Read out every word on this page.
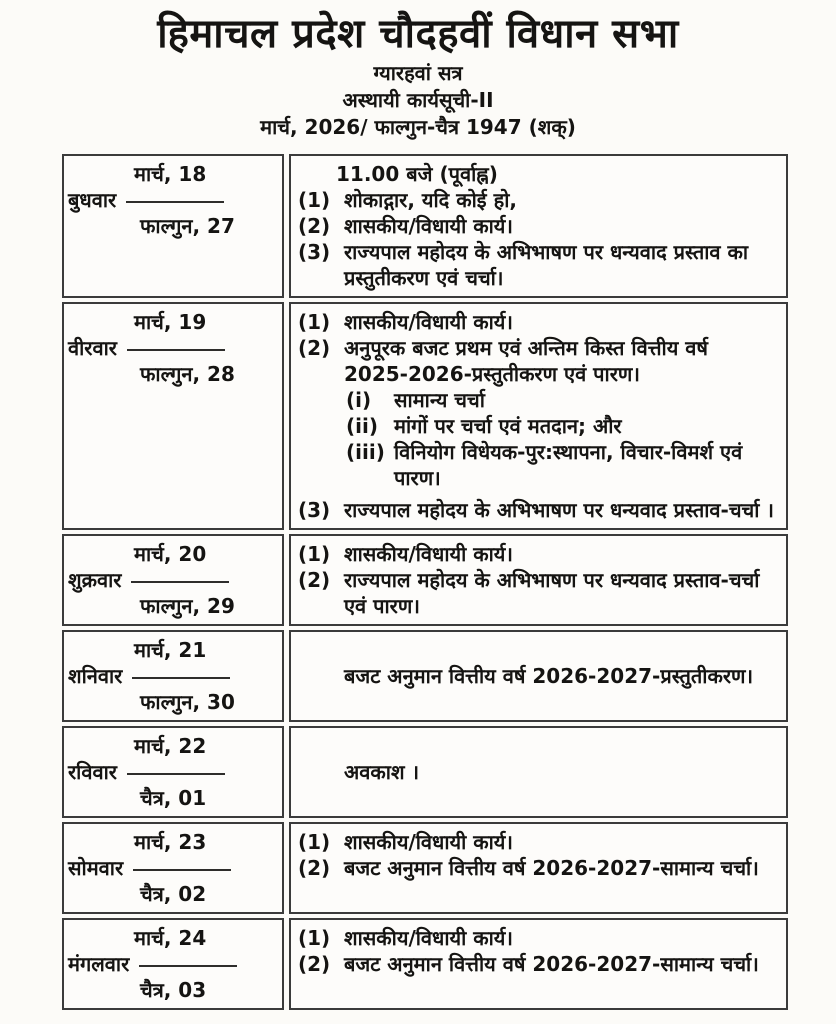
हिमाचल प्रदेश चौदहवीं विधान सभा
ग्यारहवां सत्र
अस्थायी कार्यसूची-II
मार्च, 2026/ फाल्गुन-चैत्र 1947 (शक्)
मार्च, 18
बुधवार
फाल्गुन, 27
11.00 बजे (पूर्वाह्न)
(1) शोकाद्गार, यदि कोई हो,
(2) शासकीय/विधायी कार्य।
(3) राज्यपाल महोदय के अभिभाषण पर धन्यवाद प्रस्ताव का प्रस्तुतीकरण एवं चर्चा।
मार्च, 19
वीरवार
फाल्गुन, 28
(1) शासकीय/विधायी कार्य।
(2) अनुपूरक बजट प्रथम एवं अन्तिम किस्त वित्तीय वर्ष 2025-2026-प्रस्तुतीकरण एवं पारण।
(i)	सामान्य चर्चा
(ii) मांगों पर चर्चा एवं मतदान; और
(iii) विनियोग विधेयक-पुर:स्थापना, विचार-विमर्श एवं पारण।
(3) राज्यपाल महोदय के अभिभाषण पर धन्यवाद प्रस्ताव-चर्चा ।
मार्च, 20
शुक्रवार
फाल्गुन, 29
(1) शासकीय/विधायी कार्य।
(2) राज्यपाल महोदय के अभिभाषण पर धन्यवाद प्रस्ताव-चर्चा एवं पारण।
मार्च, 21
शनिवार
फाल्गुन, 30
बजट अनुमान वित्तीय वर्ष 2026-2027-प्रस्तुतीकरण।
मार्च, 22
रविवार
चैत्र, 01
अवकाश ।
मार्च, 23
सोमवार
चैत्र, 02
(1) शासकीय/विधायी कार्य।
(2) बजट अनुमान वित्तीय वर्ष 2026-2027-सामान्य चर्चा।
मार्च, 24
मंगलवार
चैत्र, 03
(1) शासकीय/विधायी कार्य।
(2) बजट अनुमान वित्तीय वर्ष 2026-2027-सामान्य चर्चा।
